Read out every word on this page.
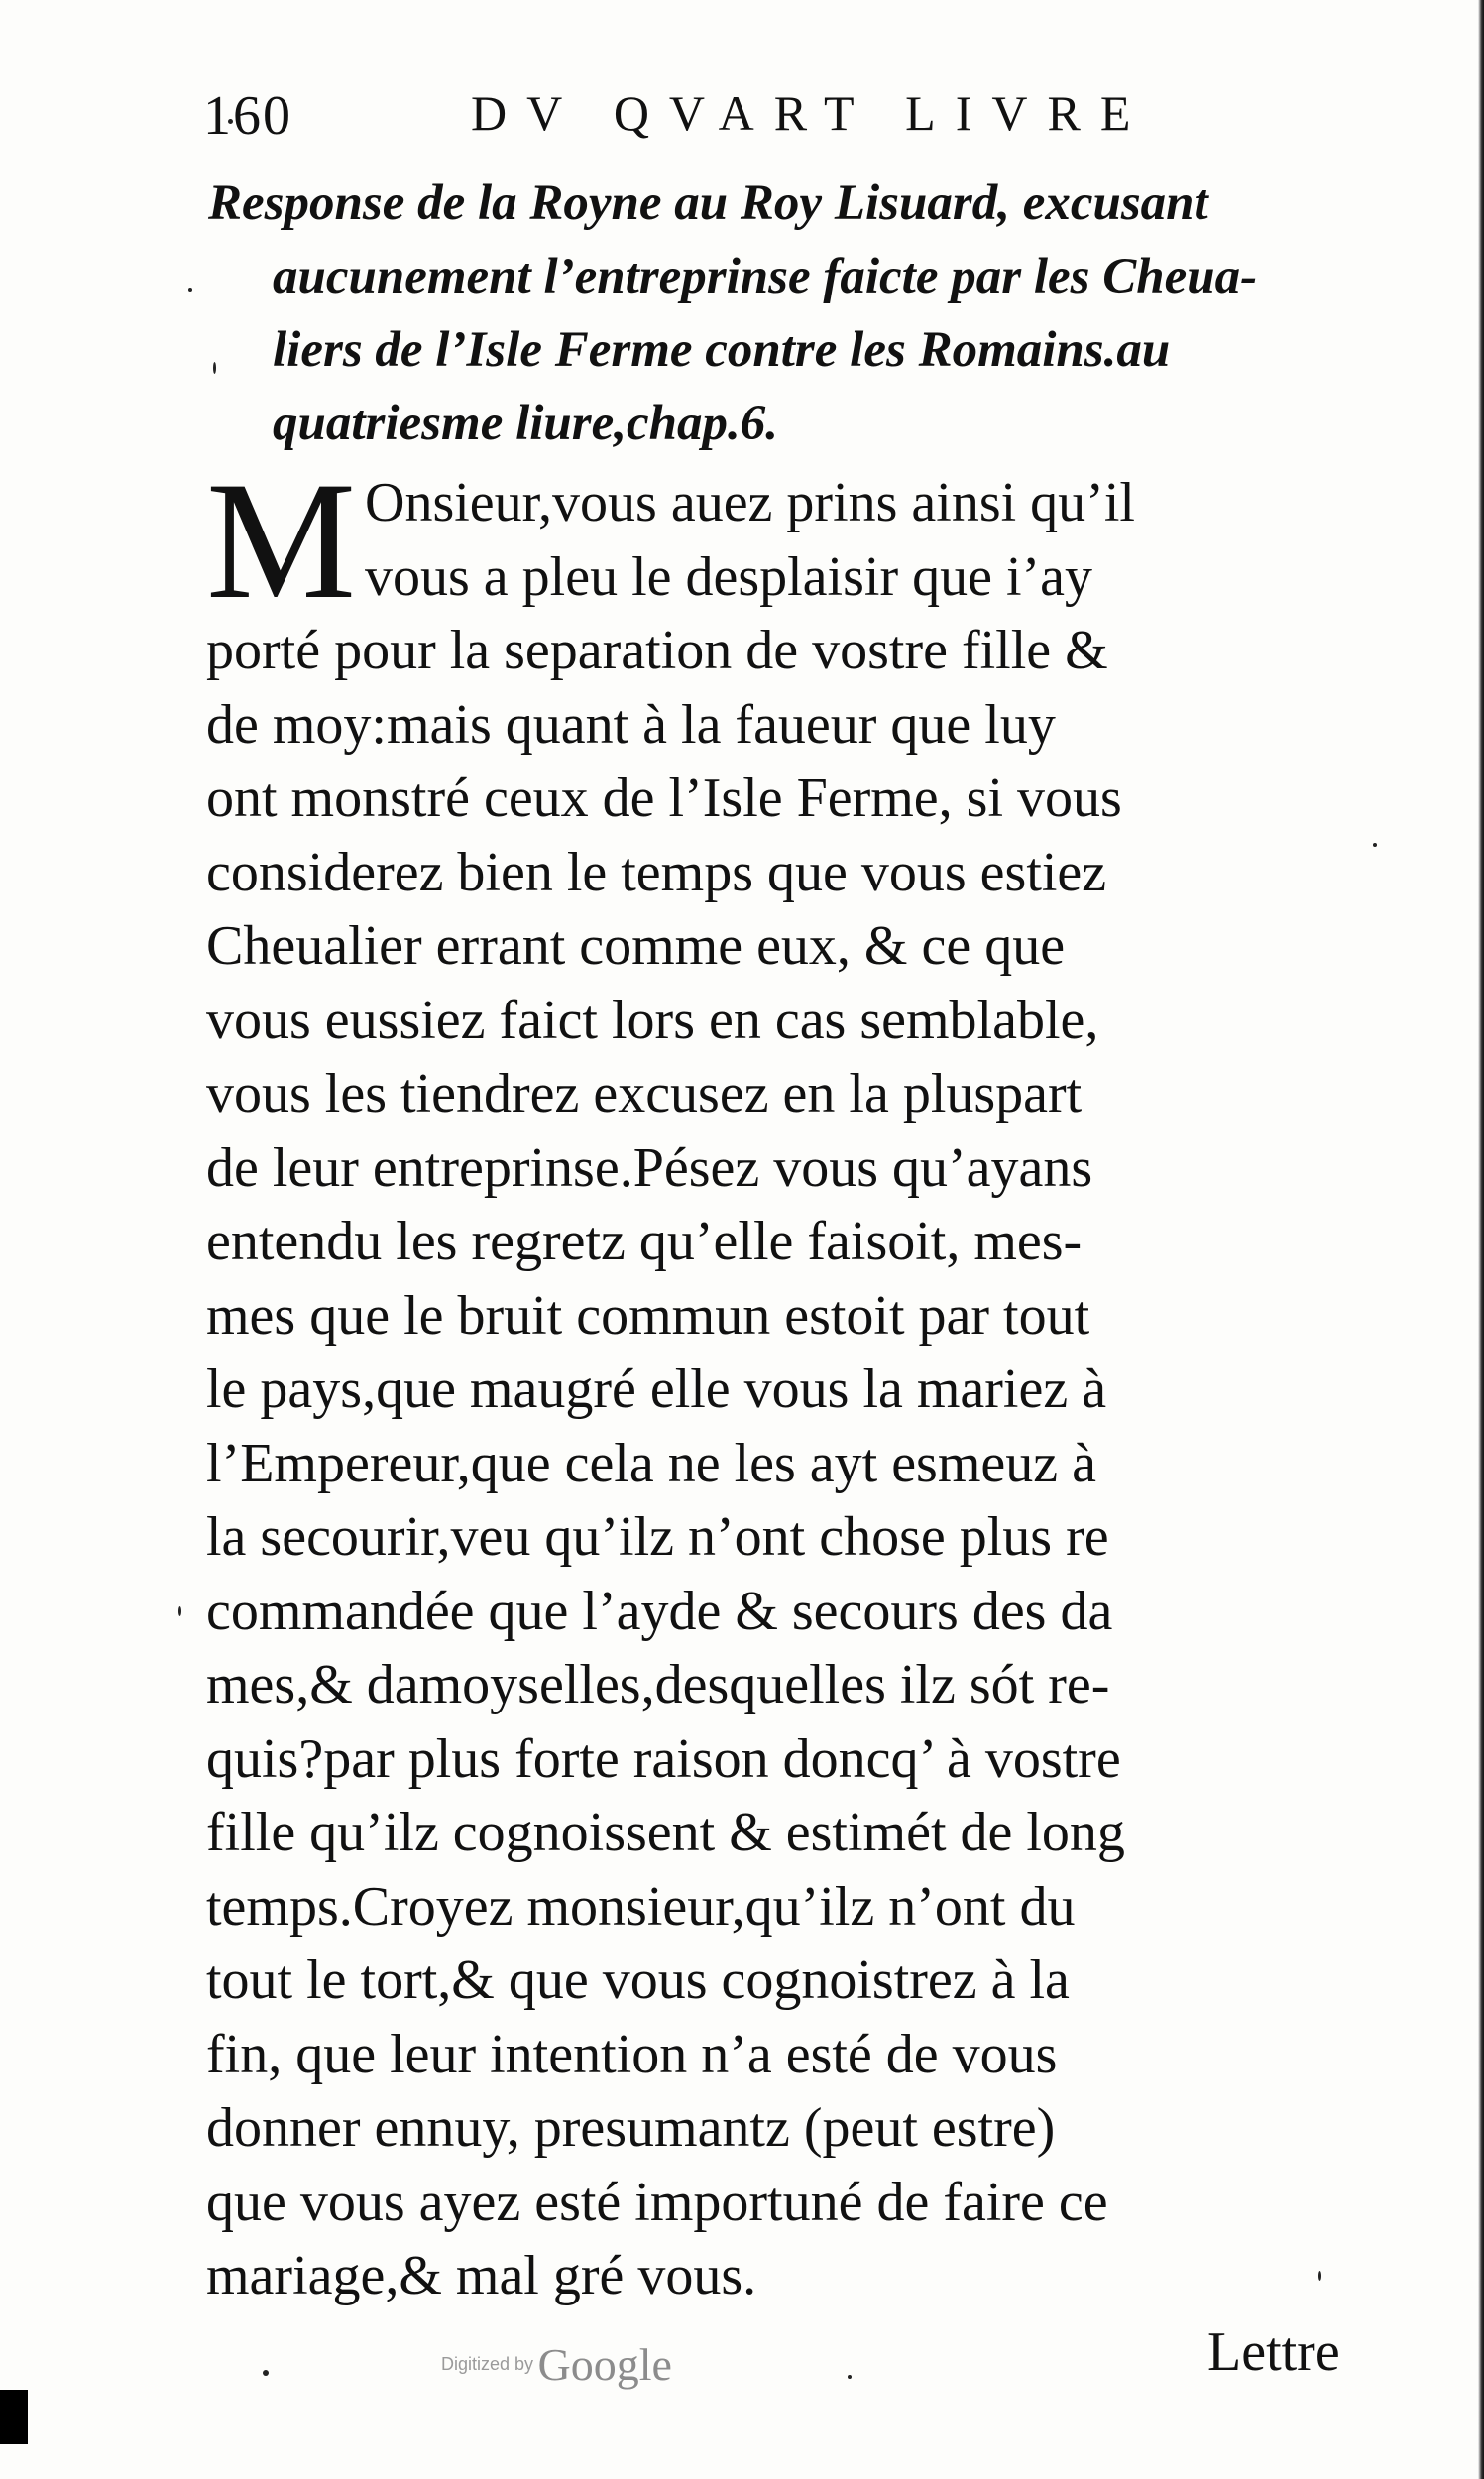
160	DV QVART LIVRE
Response de la Royne au Roy Lisuard, excusant
aucunement l’entreprinse faicte par les Cheua-
liers de l’Isle Ferme contre les Romains.au
quatriesme liure,chap.6.
M Onsieur,vous auez prins ainsi qu’il
vous a pleu le desplaisir que i’ay
porté pour la separation de vostre fille &
de moy:mais quant à la faueur que luy
ont monstré ceux de l’Isle Ferme, si vous
considerez bien le temps que vous estiez
Cheualier errant comme eux, & ce que
vous eussiez faict lors en cas semblable,
vous les tiendrez excusez en la pluspart
de leur entreprinse.Pésez vous qu’ayans
entendu les regretz qu’elle faisoit, mes-
mes que le bruit commun estoit par tout
le pays,que maugré elle vous la mariez à
l’Empereur,que cela ne les ayt esmeuz à
la secourir,veu qu’ilz n’ont chose plus re
commandée que l’ayde & secours des da
mes,& damoyselles,desquelles ilz sót re-
quis?par plus forte raison doncq’ à vostre
fille qu’ilz cognoissent & estimét de long
temps.Croyez monsieur,qu’ilz n’ont du
tout le tort,& que vous cognoistrez à la
fin, que leur intention n’a esté de vous
donner ennuy, presumantz (peut estre)
que vous ayez esté importuné de faire ce
mariage,& mal gré vous.
Lettre
Digitized by Google
